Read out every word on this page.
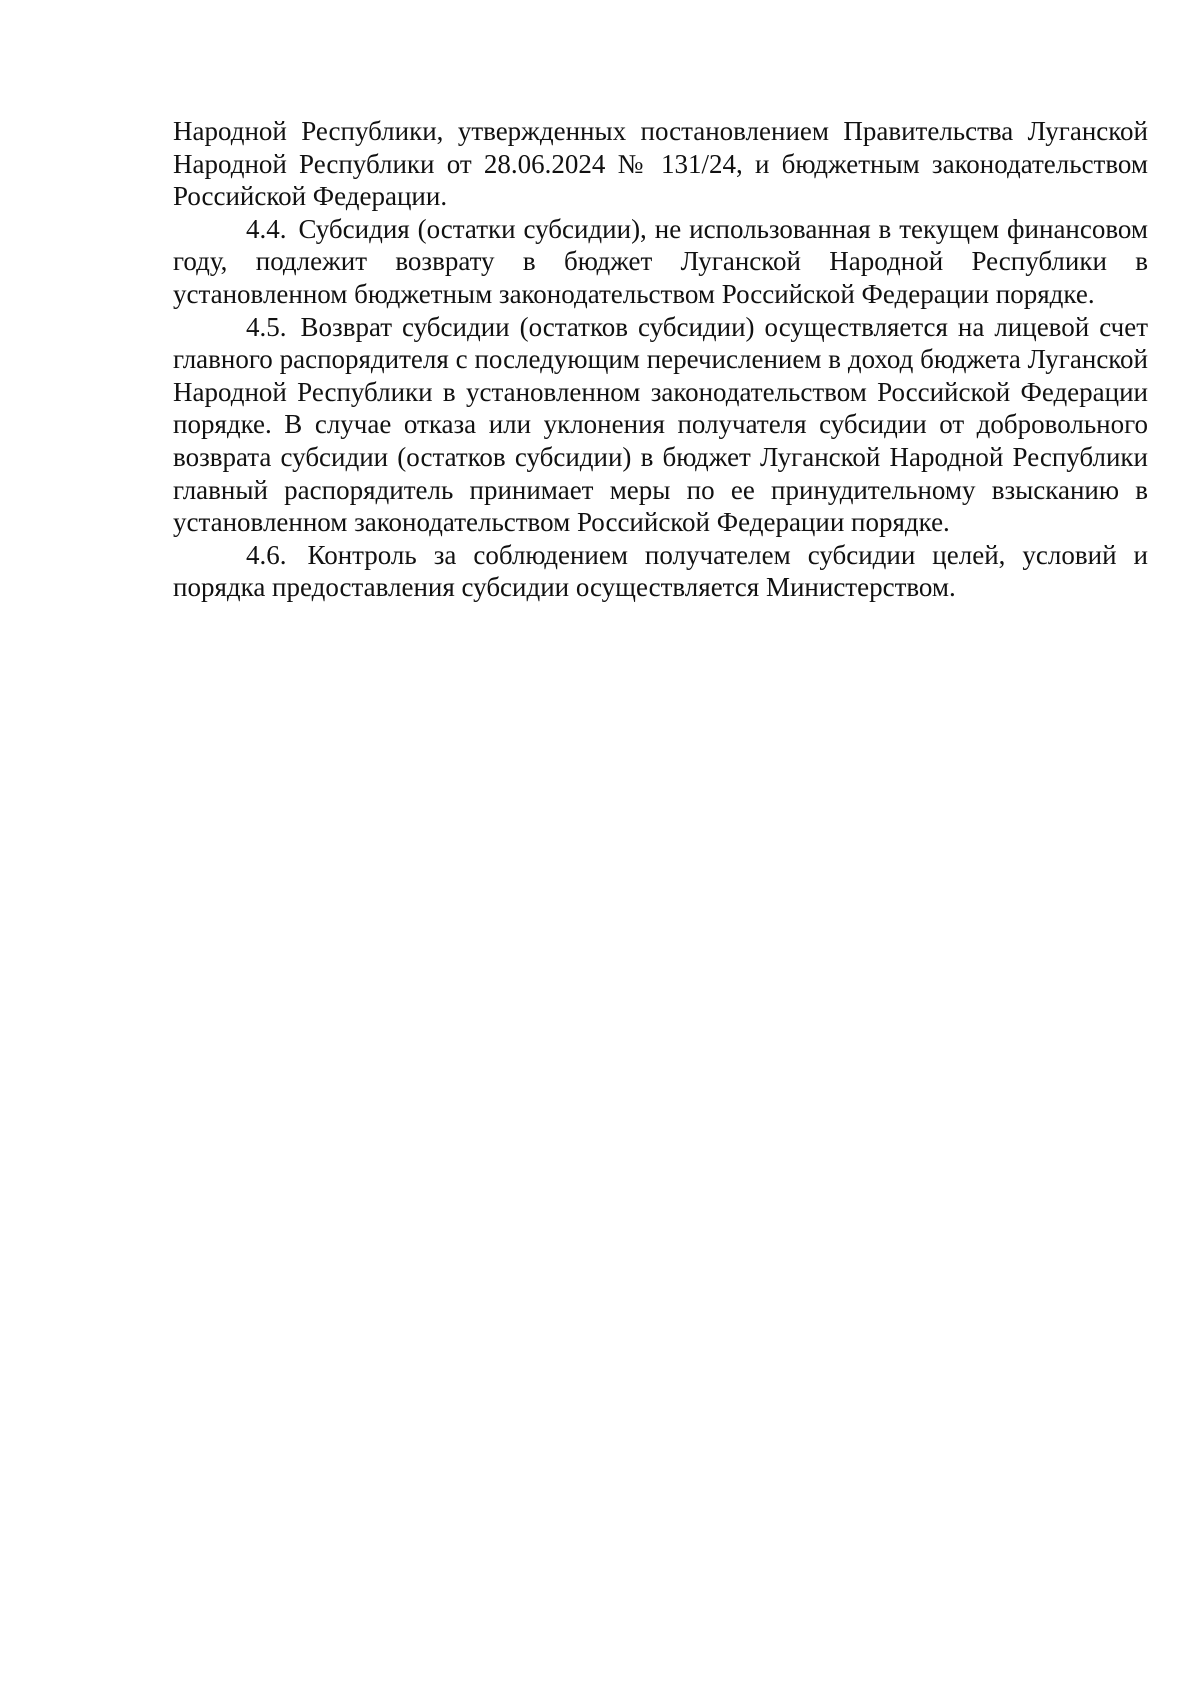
Народной Республики, утвержденных постановлением Правительства Луганской Народной Республики от 28.06.2024 № 131/24, и бюджетным законодательством Российской Федерации.

4.4. Субсидия (остатки субсидии), не использованная в текущем финансовом году, подлежит возврату в бюджет Луганской Народной Республики в установленном бюджетным законодательством Российской Федерации порядке.

4.5. Возврат субсидии (остатков субсидии) осуществляется на лицевой счет главного распорядителя с последующим перечислением в доход бюджета Луганской Народной Республики в установленном законодательством Российской Федерации порядке. В случае отказа или уклонения получателя субсидии от добровольного возврата субсидии (остатков субсидии) в бюджет Луганской Народной Республики главный распорядитель принимает меры по ее принудительному взысканию в установленном законодательством Российской Федерации порядке.

4.6. Контроль за соблюдением получателем субсидии целей, условий и порядка предоставления субсидии осуществляется Министерством.
